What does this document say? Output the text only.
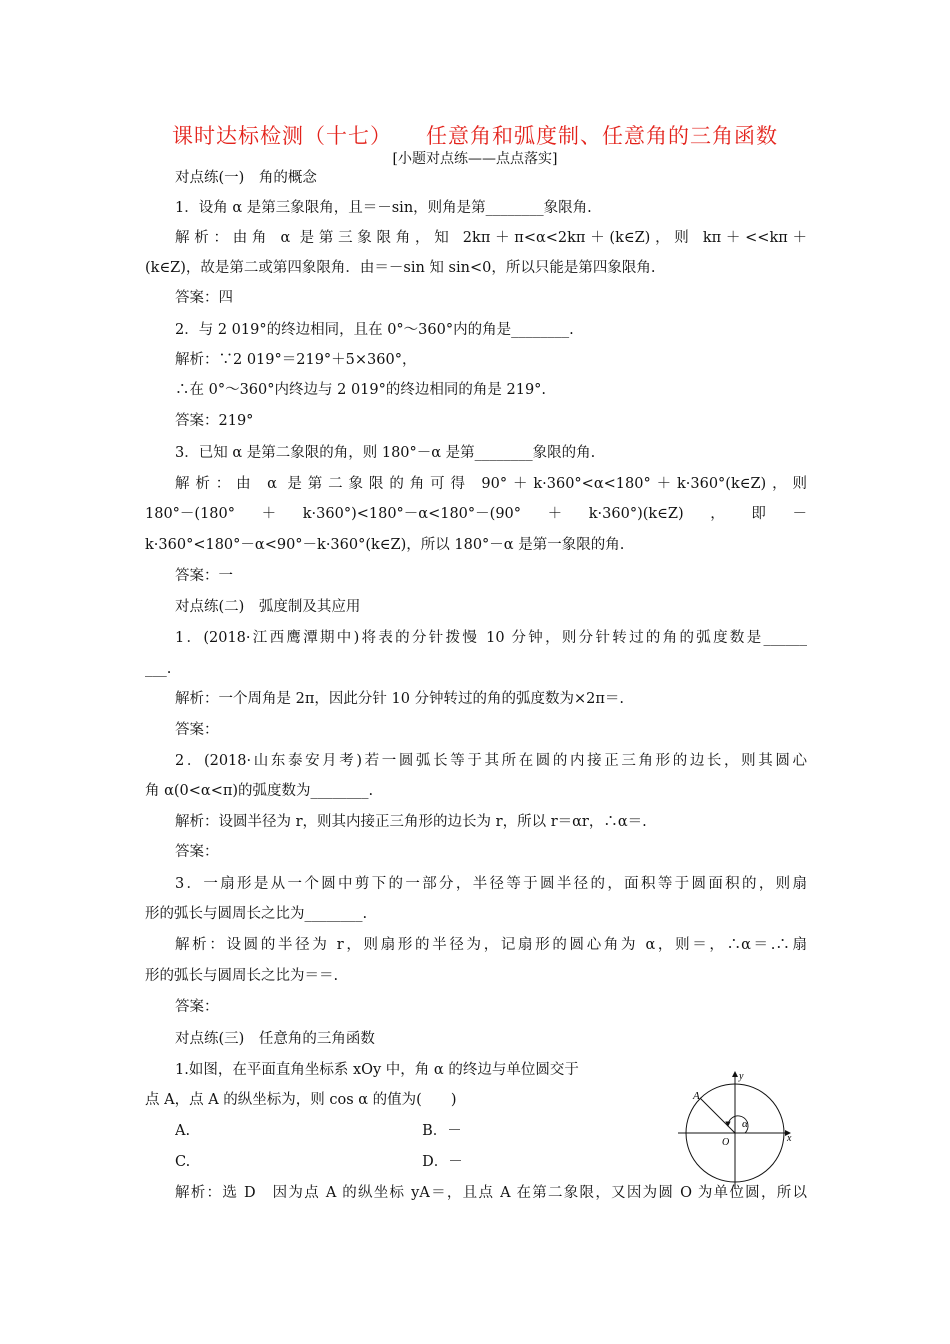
课时达标检测（十七） 任意角和弧度制、任意角的三角函数
[小题对点练——点点落实]
对点练(一)　角的概念
1．设角 α 是第三象限角，且＝－sin，则角是第________象限角.
解析：由角 α 是第三象限角，知 2kπ＋π<α<2kπ＋(k∈Z)，则 kπ＋<<kπ＋
(k∈Z)，故是第二或第四象限角．由＝－sin 知 sin<0，所以只能是第四象限角.
答案：四
2．与 2 019°的终边相同，且在 0°～360°内的角是________.
解析：∵2 019°＝219°＋5×360°，
∴在 0°～360°内终边与 2 019°的终边相同的角是 219°.
答案：219°
3．已知 α 是第二象限的角，则 180°－α 是第________象限的角.
解析：由 α 是第二象限的角可得 90°＋k·360°<α<180°＋k·360°(k∈Z)，则
180°－(180°＋k·360°)<180°－α<180°－(90°＋k·360°)(k∈Z)，即－
k·360°<180°－α<90°－k·360°(k∈Z)，所以 180°－α 是第一象限的角.
答案：一
对点练(二)　弧度制及其应用
1．(2018·江西鹰潭期中)将表的分针拨慢 10 分钟，则分针转过的角的弧度数是______
___.
解析：一个周角是 2π，因此分针 10 分钟转过的角的弧度数为×2π＝.
答案：
2．(2018·山东泰安月考)若一圆弧长等于其所在圆的内接正三角形的边长，则其圆心
角 α(0<α<π)的弧度数为________.
解析：设圆半径为 r，则其内接正三角形的边长为 r，所以 r＝αr，∴α＝.
答案：
3．一扇形是从一个圆中剪下的一部分，半径等于圆半径的，面积等于圆面积的，则扇
形的弧长与圆周长之比为________.
解析：设圆的半径为 r，则扇形的半径为，记扇形的圆心角为 α，则＝，∴α＝.∴扇
形的弧长与圆周长之比为＝＝.
答案：
对点练(三)　任意角的三角函数
1.如图，在平面直角坐标系 xOy 中，角 α 的终边与单位圆交于
点 A，点 A 的纵坐标为，则 cos α 的值为(　　)
A.　　　　　　　　　　　　　　　　B．－
C.　　　　　　　　　　　　　　　　D．－
解析：选 D　因为点 A 的纵坐标 yA＝，且点 A 在第二象限，又因为圆 O 为单位圆，所以
A
y
x
O
α
